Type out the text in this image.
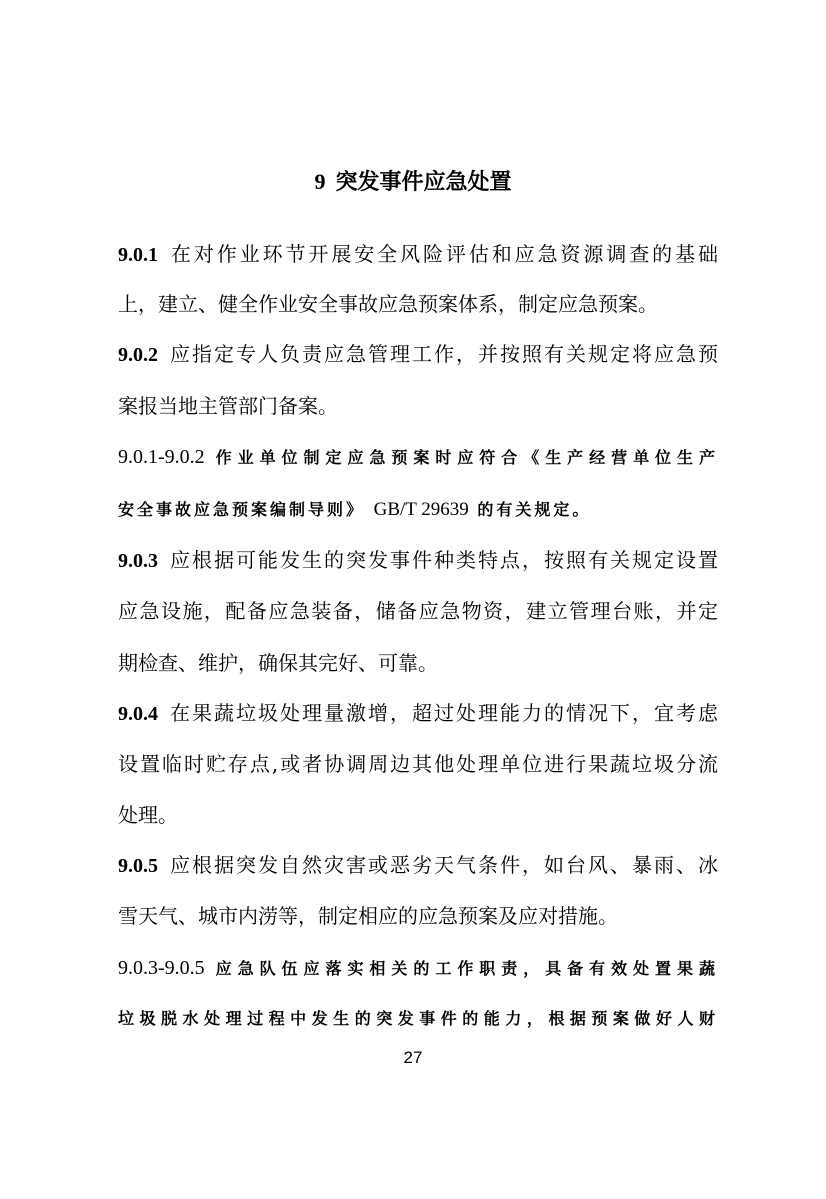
9 突发事件应急处置
9.0.1 在对作业环节开展安全风险评估和应急资源调查的基础
上，建立、健全作业安全事故应急预案体系，制定应急预案。
9.0.2 应指定专人负责应急管理工作，并按照有关规定将应急预
案报当地主管部门备案。
9.0.1-9.0.2 作业单位制定应急预案时应符合《生产经营单位生产
安全事故应急预案编制导则》 GB/T 29639 的有关规定。
9.0.3 应根据可能发生的突发事件种类特点，按照有关规定设置
应急设施，配备应急装备，储备应急物资，建立管理台账，并定
期检查、维护，确保其完好、可靠。
9.0.4 在果蔬垃圾处理量激增，超过处理能力的情况下，宜考虑
设置临时贮存点,或者协调周边其他处理单位进行果蔬垃圾分流
处理。
9.0.5 应根据突发自然灾害或恶劣天气条件，如台风、暴雨、冰
雪天气、城市内涝等，制定相应的应急预案及应对措施。
9.0.3-9.0.5 应急队伍应落实相关的工作职责，具备有效处置果蔬
垃圾脱水处理过程中发生的突发事件的能力，根据预案做好人财
27
